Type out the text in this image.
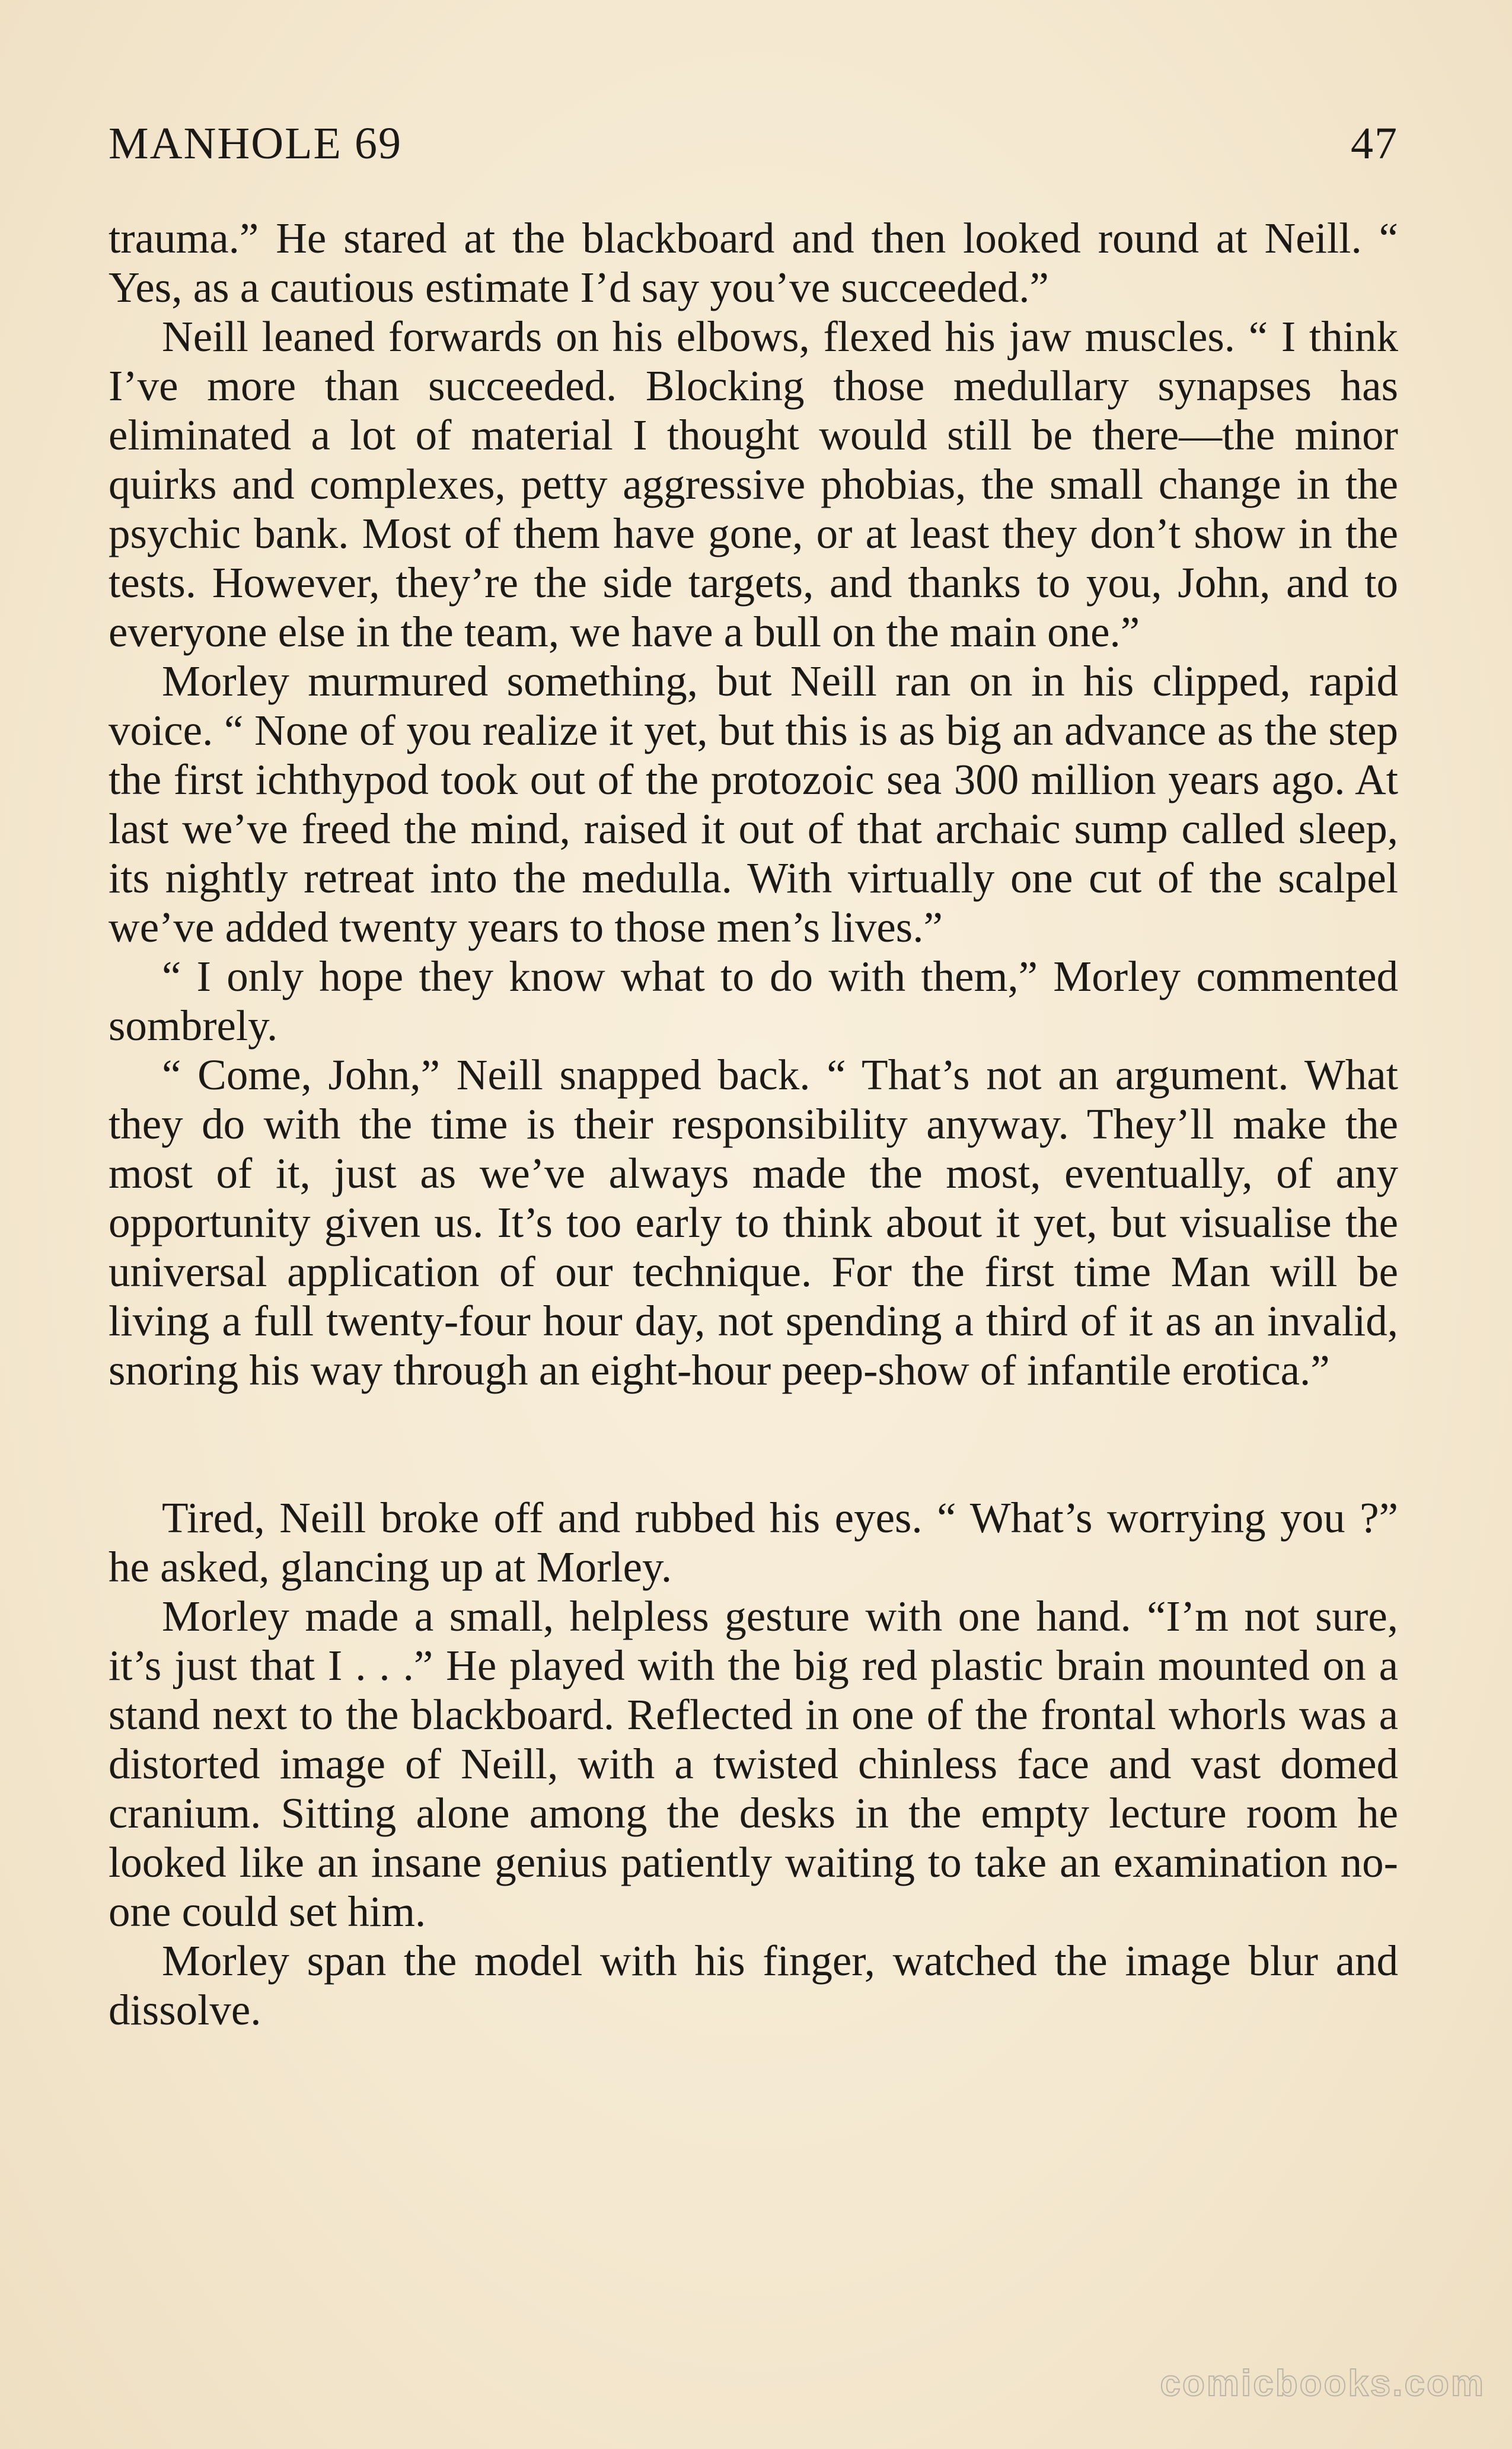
MANHOLE 69	47

trauma.” He stared at the blackboard and then looked round at Neill. “ Yes, as a cautious estimate I’d say you’ve succeeded.”

Neill leaned forwards on his elbows, flexed his jaw muscles. “ I think I’ve more than succeeded. Blocking those medullary synapses has eliminated a lot of material I thought would still be there—the minor quirks and complexes, petty aggressive phobias, the small change in the psychic bank. Most of them have gone, or at least they don’t show in the tests. However, they’re the side targets, and thanks to you, John, and to everyone else in the team, we have a bull on the main one.”

Morley murmured something, but Neill ran on in his clipped, rapid voice. “ None of you realize it yet, but this is as big an advance as the step the first ichthypod took out of the protozoic sea 300 million years ago. At last we’ve freed the mind, raised it out of that archaic sump called sleep, its nightly retreat into the medulla. With virtually one cut of the scalpel we’ve added twenty years to those men’s lives.”

“ I only hope they know what to do with them,” Morley commented sombrely.

“ Come, John,” Neill snapped back. “ That’s not an argument. What they do with the time is their responsibility anyway. They’ll make the most of it, just as we’ve always made the most, eventually, of any opportunity given us. It’s too early to think about it yet, but visualise the universal application of our technique. For the first time Man will be living a full twenty-four hour day, not spending a third of it as an invalid, snoring his way through an eight-hour peep-show of infantile erotica.”

Tired, Neill broke off and rubbed his eyes. “ What’s worrying you ?” he asked, glancing up at Morley.

Morley made a small, helpless gesture with one hand. “I’m not sure, it’s just that I . . .” He played with the big red plastic brain mounted on a stand next to the blackboard. Reflected in one of the frontal whorls was a distorted image of Neill, with a twisted chinless face and vast domed cranium. Sitting alone among the desks in the empty lecture room he looked like an insane genius patiently waiting to take an examination no-one could set him.

Morley span the model with his finger, watched the image blur and dissolve.

comicbooks.com
